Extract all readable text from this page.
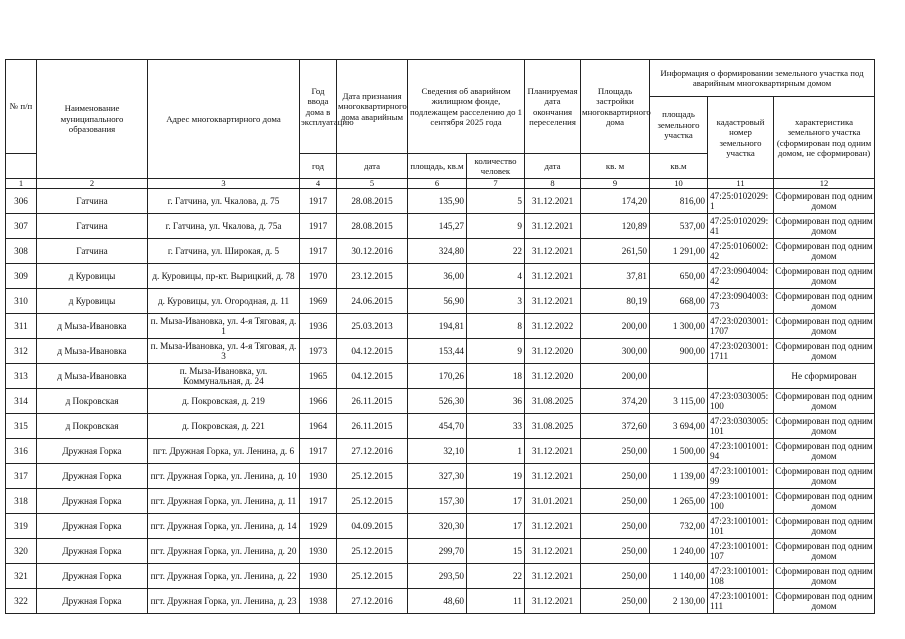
№ п/п	Наименование муниципального образования	Адрес многоквартирного дома	Год ввода дома в эксплуатацию	Дата признания многоквартирного дома аварийным	Сведения об аварийном жилищном фонде, подлежащем расселению до 1 сентября 2025 года		Планируемая дата окончания переселения	Площадь застройки многоквартирного дома	Информация о формировании земельного участка под аварийным многоквартирным домом		
									площадь земельного участка	кадастровый номер земельного участка	характеристика земельного участка (сформирован под одним домом, не сформирован)
			год	дата	площадь, кв.м	количество человек	дата	кв. м	кв.м		
1	2	3	4	5	6	7	8	9	10	11	12
306	Гатчина	г. Гатчина, ул. Чкалова, д. 75	1917	28.08.2015	135,90	5	31.12.2021	174,20	816,00	47:25:0102029:1	Сформирован под одним домом
307	Гатчина	г. Гатчина, ул. Чкалова, д. 75а	1917	28.08.2015	145,27	9	31.12.2021	120,89	537,00	47:25:0102029:41	Сформирован под одним домом
308	Гатчина	г. Гатчина, ул. Широкая, д. 5	1917	30.12.2016	324,80	22	31.12.2021	261,50	1 291,00	47:25:0106002:42	Сформирован под одним домом
309	д Куровицы	д. Куровицы, пр-кт. Вырицкий, д. 78	1970	23.12.2015	36,00	4	31.12.2021	37,81	650,00	47:23:0904004:42	Сформирован под одним домом
310	д Куровицы	д. Куровицы, ул. Огородная, д. 11	1969	24.06.2015	56,90	3	31.12.2021	80,19	668,00	47:23:0904003:73	Сформирован под одним домом
311	д Мыза-Ивановка	п. Мыза-Ивановка, ул. 4-я Тяговая, д. 1	1936	25.03.2013	194,81	8	31.12.2022	200,00	1 300,00	47:23:0203001:1707	Сформирован под одним домом
312	д Мыза-Ивановка	п. Мыза-Ивановка, ул. 4-я Тяговая, д. 3	1973	04.12.2015	153,44	9	31.12.2020	300,00	900,00	47:23:0203001:1711	Сформирован под одним домом
313	д Мыза-Ивановка	п. Мыза-Ивановка, ул. Коммунальная, д. 24	1965	04.12.2015	170,26	18	31.12.2020	200,00			Не сформирован
314	д Покровская	д. Покровская, д. 219	1966	26.11.2015	526,30	36	31.08.2025	374,20	3 115,00	47:23:0303005:100	Сформирован под одним домом
315	д Покровская	д. Покровская, д. 221	1964	26.11.2015	454,70	33	31.08.2025	372,60	3 694,00	47:23:0303005:101	Сформирован под одним домом
316	Дружная Горка	пгт. Дружная Горка, ул. Ленина, д. 6	1917	27.12.2016	32,10	1	31.12.2021	250,00	1 500,00	47:23:1001001:94	Сформирован под одним домом
317	Дружная Горка	пгт. Дружная Горка, ул. Ленина, д. 10	1930	25.12.2015	327,30	19	31.12.2021	250,00	1 139,00	47:23:1001001:99	Сформирован под одним домом
318	Дружная Горка	пгт. Дружная Горка, ул. Ленина, д. 11	1917	25.12.2015	157,30	17	31.01.2021	250,00	1 265,00	47:23:1001001:100	Сформирован под одним домом
319	Дружная Горка	пгт. Дружная Горка, ул. Ленина, д. 14	1929	04.09.2015	320,30	17	31.12.2021	250,00	732,00	47:23:1001001:101	Сформирован под одним домом
320	Дружная Горка	пгт. Дружная Горка, ул. Ленина, д. 20	1930	25.12.2015	299,70	15	31.12.2021	250,00	1 240,00	47:23:1001001:107	Сформирован под одним домом
321	Дружная Горка	пгт. Дружная Горка, ул. Ленина, д. 22	1930	25.12.2015	293,50	22	31.12.2021	250,00	1 140,00	47:23:1001001:108	Сформирован под одним домом
322	Дружная Горка	пгт. Дружная Горка, ул. Ленина, д. 23	1938	27.12.2016	48,60	11	31.12.2021	250,00	2 130,00	47:23:1001001:111	Сформирован под одним домом
